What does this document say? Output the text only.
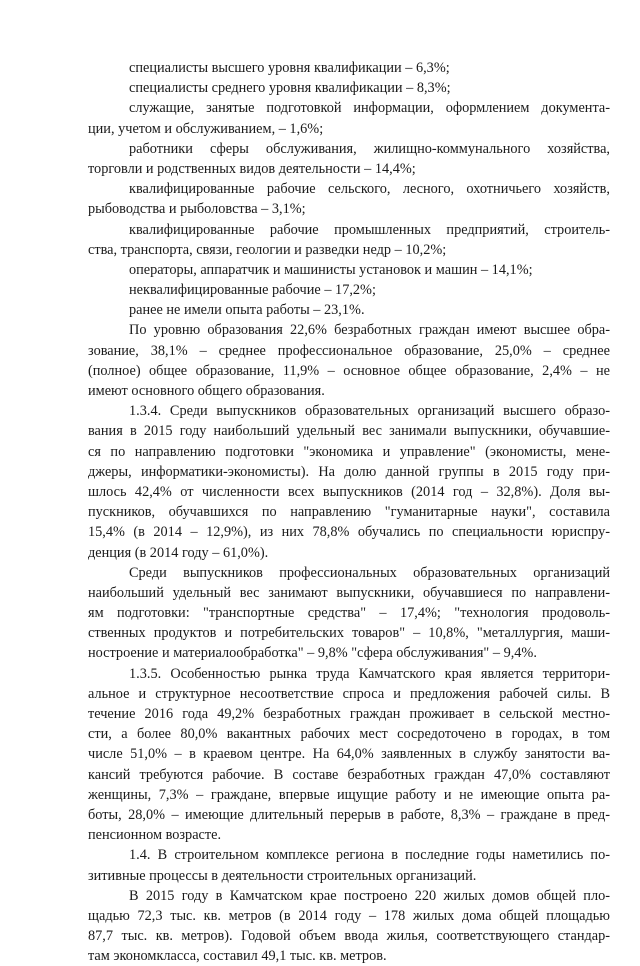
специалисты высшего уровня квалификации – 6,3%;
специалисты среднего уровня квалификации – 8,3%;
служащие, занятые подготовкой информации, оформлением документа-
ции, учетом и обслуживанием, – 1,6%;
работники сферы обслуживания, жилищно-коммунального хозяйства,
торговли и родственных видов деятельности – 14,4%;
квалифицированные рабочие сельского, лесного, охотничьего хозяйств,
рыбоводства и рыболовства – 3,1%;
квалифицированные рабочие промышленных предприятий, строитель-
ства, транспорта, связи, геологии и разведки недр – 10,2%;
операторы, аппаратчик и машинисты установок и машин – 14,1%;
неквалифицированные рабочие – 17,2%;
ранее не имели опыта работы – 23,1%.
По уровню образования 22,6% безработных граждан имеют высшее обра-
зование, 38,1% – среднее профессиональное образование, 25,0% – среднее
(полное) общее образование, 11,9% – основное общее образование, 2,4% – не
имеют основного общего образования.
1.3.4. Среди выпускников образовательных организаций высшего образо-
вания в 2015 году наибольший удельный вес занимали выпускники, обучавшие-
ся по направлению подготовки "экономика и управление" (экономисты, мене-
джеры, информатики-экономисты). На долю данной группы в 2015 году при-
шлось 42,4% от численности всех выпускников (2014 год – 32,8%). Доля вы-
пускников, обучавшихся по направлению "гуманитарные науки", составила
15,4% (в 2014 – 12,9%), из них 78,8% обучались по специальности юриспру-
денция (в 2014 году – 61,0%).
Среди выпускников профессиональных образовательных организаций
наибольший удельный вес занимают выпускники, обучавшиеся по направлени-
ям подготовки: "транспортные средства" – 17,4%; "технология продоволь-
ственных продуктов и потребительских товаров" – 10,8%, "металлургия, маши-
ностроение и материалообработка" – 9,8% "сфера обслуживания" – 9,4%.
1.3.5. Особенностью рынка труда Камчатского края является территори-
альное и структурное несоответствие спроса и предложения рабочей силы. В
течение 2016 года 49,2% безработных граждан проживает в сельской местно-
сти, а более 80,0% вакантных рабочих мест сосредоточено в городах, в том
числе 51,0% – в краевом центре. На 64,0% заявленных в службу занятости ва-
кансий требуются рабочие. В составе безработных граждан 47,0% составляют
женщины, 7,3% – граждане, впервые ищущие работу и не имеющие опыта ра-
боты, 28,0% – имеющие длительный перерыв в работе, 8,3% – граждане в пред-
пенсионном возрасте.
1.4. В строительном комплексе региона в последние годы наметились по-
зитивные процессы в деятельности строительных организаций.
В 2015 году в Камчатском крае построено 220 жилых домов общей пло-
щадью 72,3 тыс. кв. метров (в 2014 году – 178 жилых дома общей площадью
87,7 тыс. кв. метров). Годовой объем ввода жилья, соответствующего стандар-
там экономкласса, составил 49,1 тыс. кв. метров.
